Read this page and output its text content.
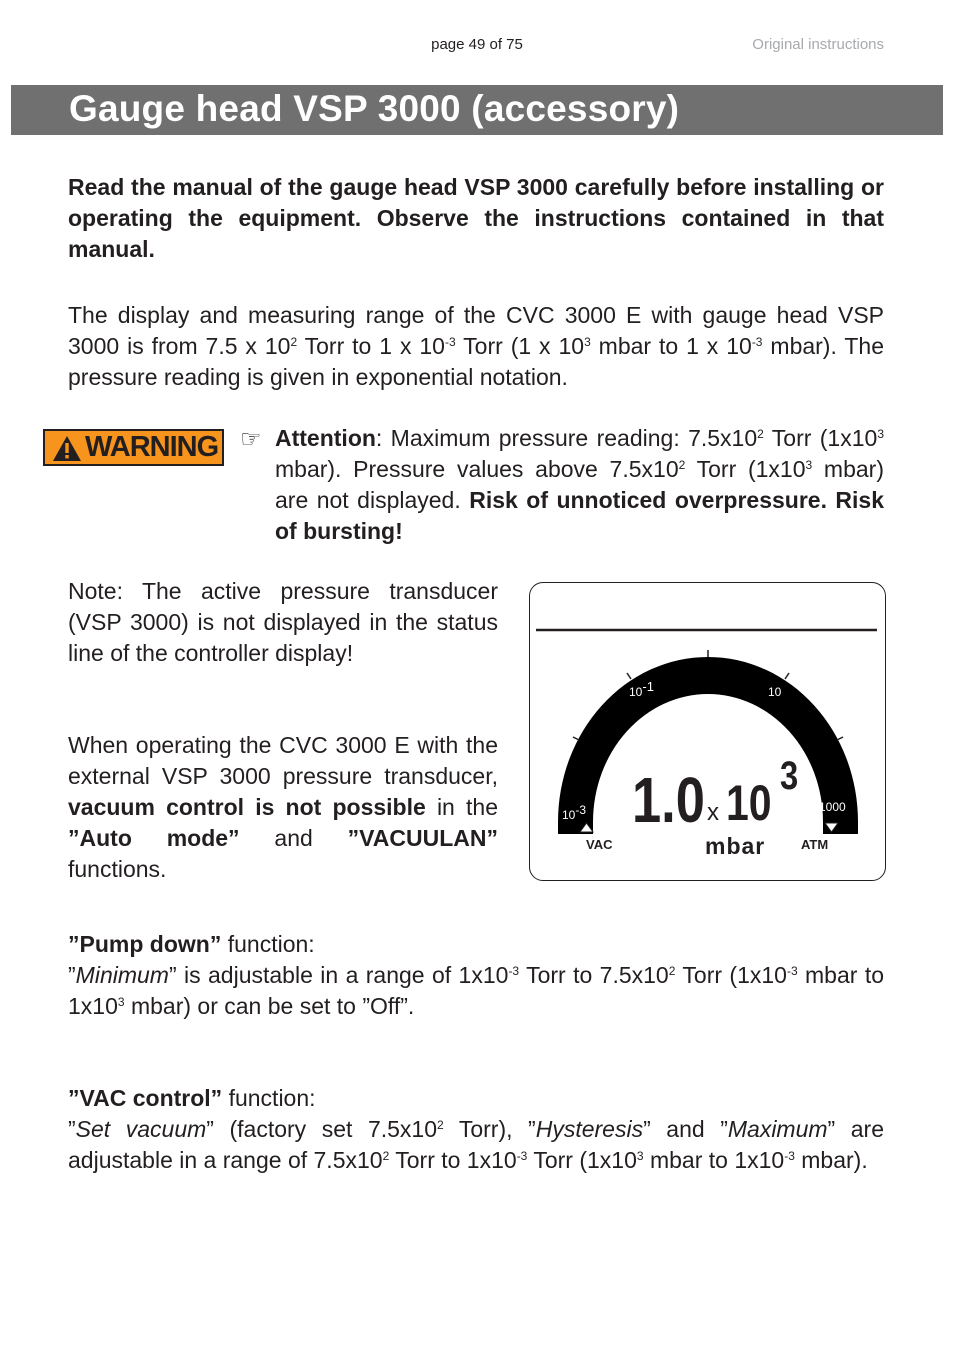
page 49 of 75	Original instructions
Gauge head VSP 3000 (accessory)
Read the manual of the gauge head VSP 3000 carefully before installing or operating the equipment. Observe the instructions contained in that manual.
The display and measuring range of the CVC 3000 E with gauge head VSP 3000 is from 7.5 x $10^2$ Torr to 1 x $10^{-3}$ Torr (1 x $10^3$ mbar to 1 x $10^{-3}$ mbar). The pressure reading is given in exponential notation.
WARNING ☞ Attention: Maximum pressure reading: $7.5x10^2$ Torr ($1x10^3$ mbar). Pressure values above $7.5x10^2$ Torr ($1x10^3$ mbar) are not displayed. Risk of unnoticed overpressure. Risk of bursting!
Note: The active pressure transducer (VSP 3000) is not displayed in the status line of the controller display!
When operating the CVC 3000 E with the external VSP 3000 pressure transducer, vacuum control is not possible in the ”Auto mode” and ”VACUULAN” functions.
10-1	10
10-3	1000
VAC	ATM
1.0 x 10 3
mbar
”Pump down” function:
”Minimum” is adjustable in a range of $1x10^{-3}$ Torr to $7.5x10^2$ Torr ($1x10^{-3}$ mbar to $1x10^3$ mbar) or can be set to ”Off”.
”VAC control” function:
”Set vacuum” (factory set $7.5x10^2$ Torr), ”Hysteresis” and ”Maximum” are adjustable in a range of $7.5x10^2$ Torr to $1x10^{-3}$ Torr ($1x10^3$ mbar to $1x10^{-3}$ mbar).
